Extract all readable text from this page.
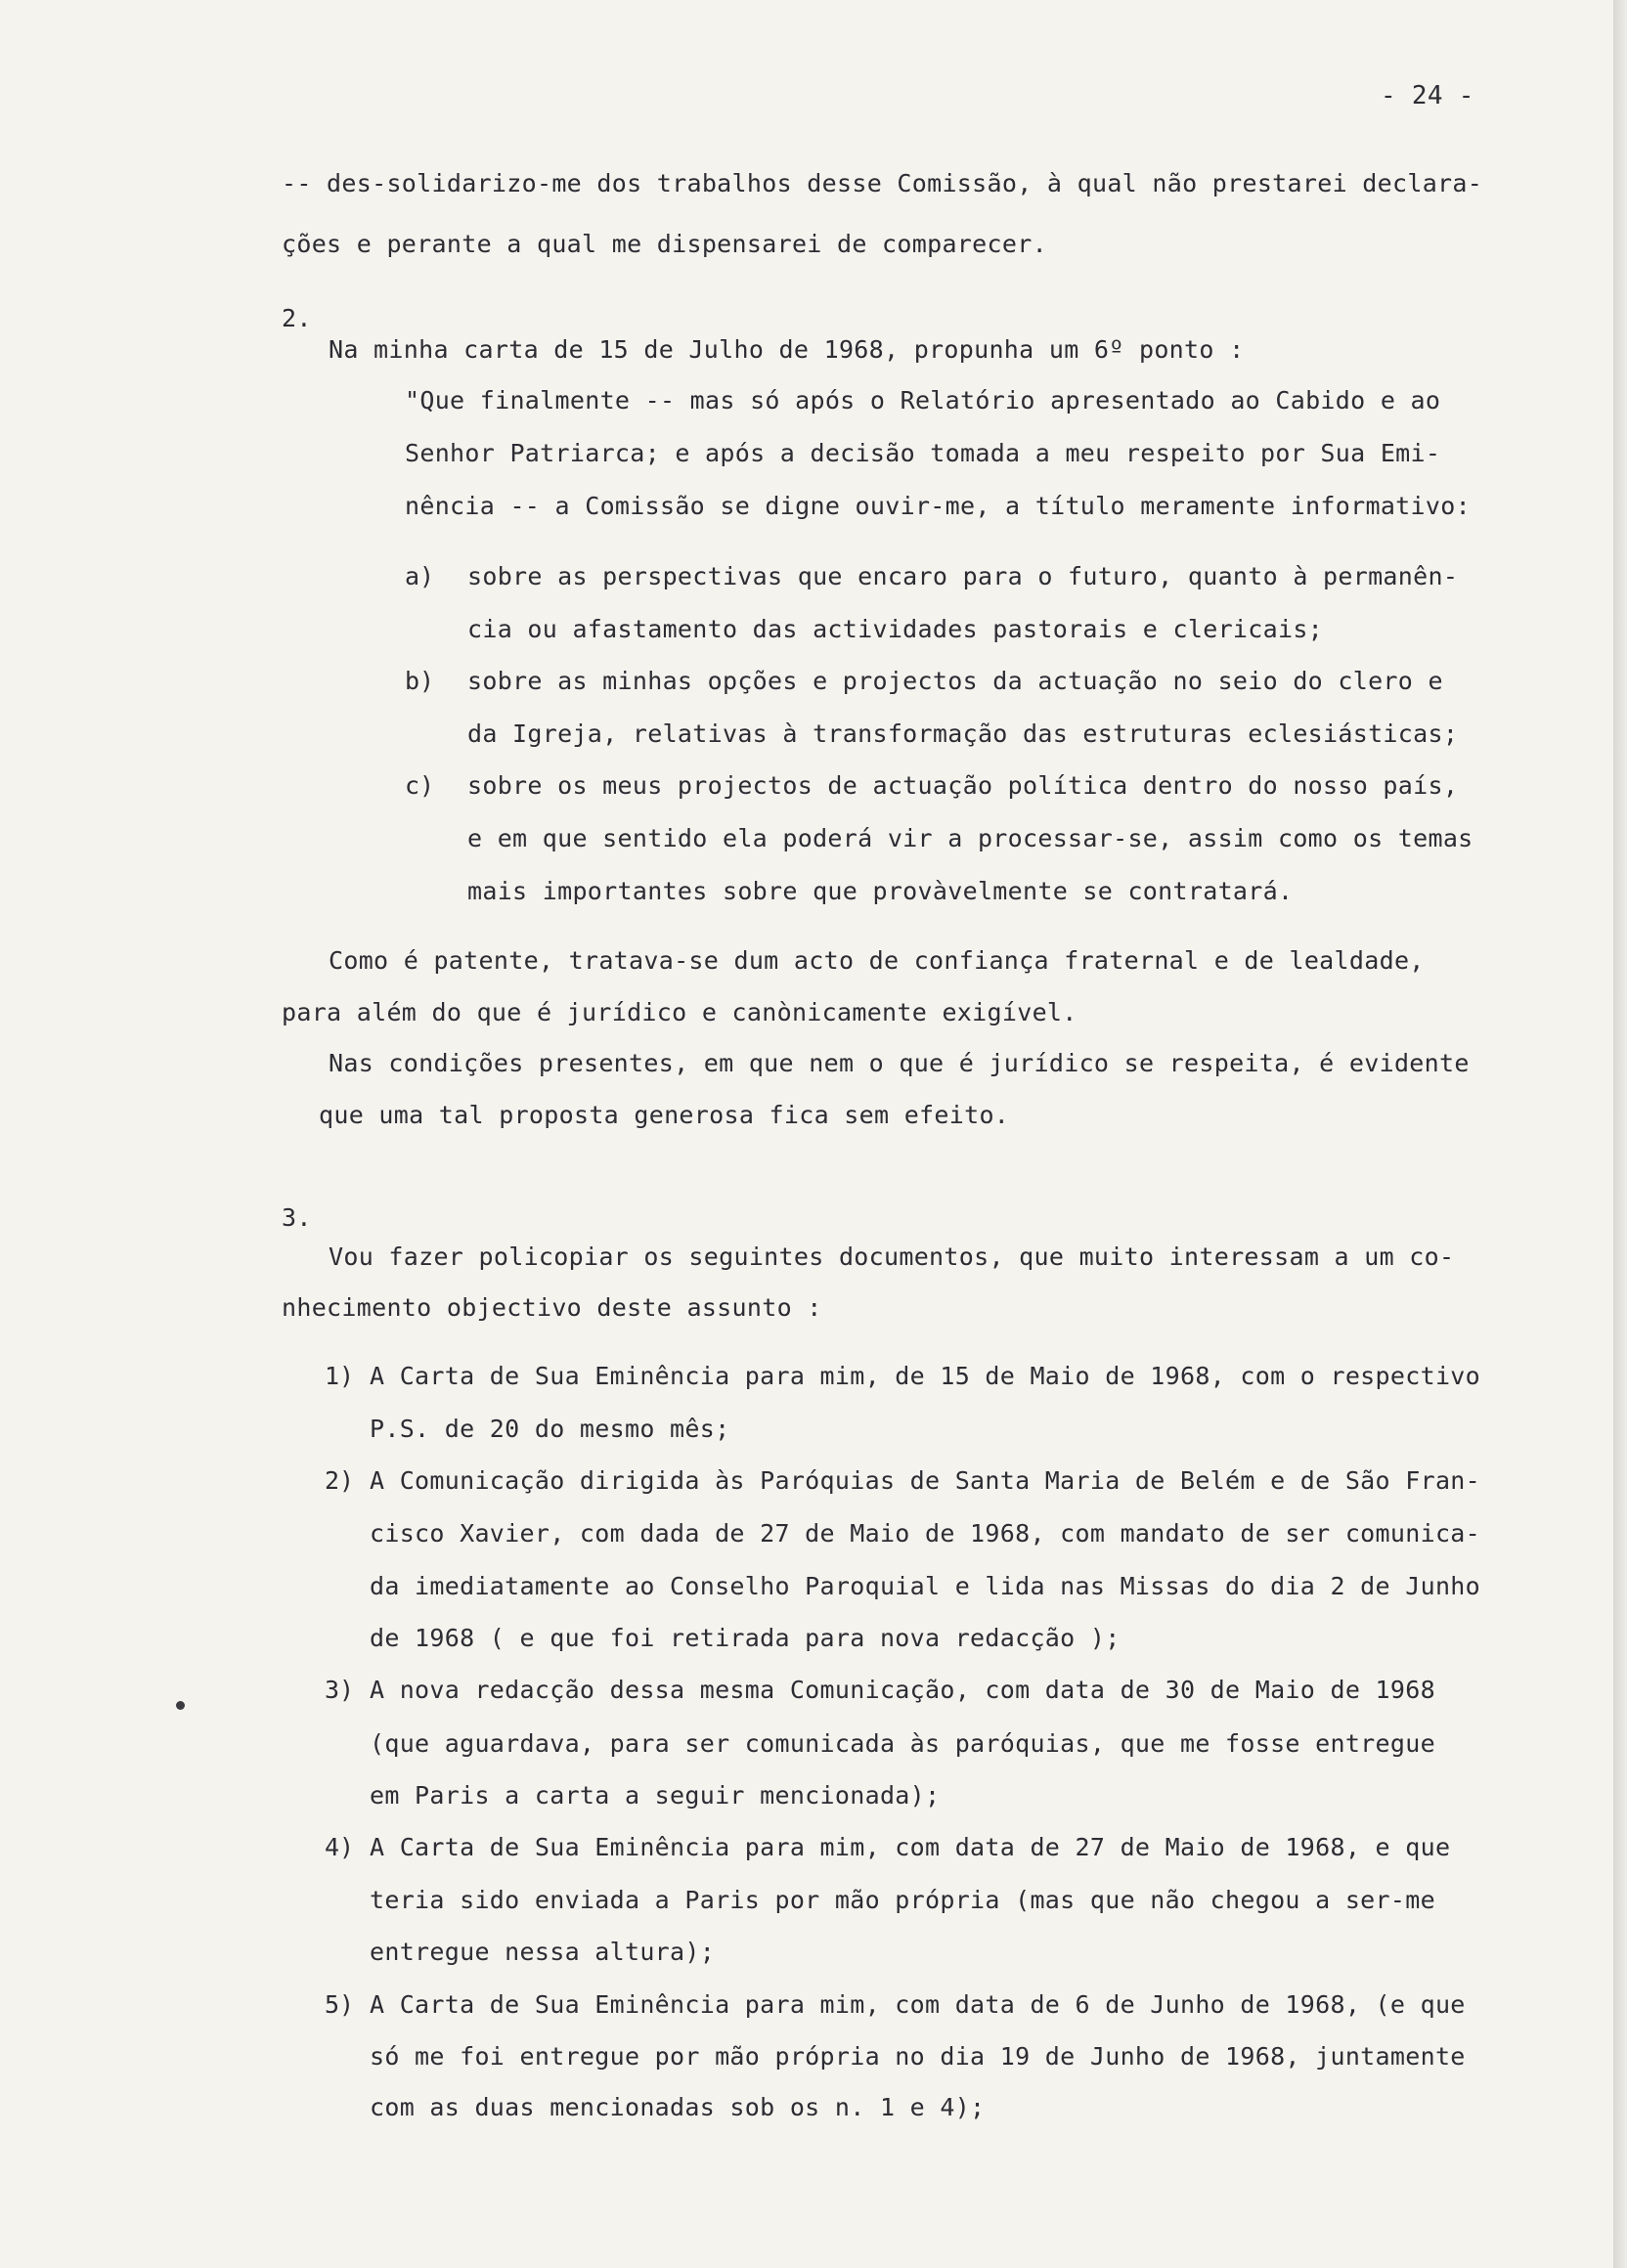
- 24 -
-- des-solidarizo-me dos trabalhos desse Comissão, à qual não prestarei declara-
ções e perante a qual me dispensarei de comparecer.
2.
Na minha carta de 15 de Julho de 1968, propunha um 6º ponto :
"Que finalmente -- mas só após o Relatório apresentado ao Cabido e ao
Senhor Patriarca; e após a decisão tomada a meu respeito por Sua Emi-
nência -- a Comissão se digne ouvir-me, a título meramente informativo:
a) sobre as perspectivas que encaro para o futuro, quanto à permanên-
cia ou afastamento das actividades pastorais e clericais;
b) sobre as minhas opções e projectos da actuação no seio do clero e
da Igreja, relativas à transformação das estruturas eclesiásticas;
c) sobre os meus projectos de actuação política dentro do nosso país,
e em que sentido ela poderá vir a processar-se, assim como os temas
mais importantes sobre que provàvelmente se contratará.
Como é patente, tratava-se dum acto de confiança fraternal e de lealdade,
para além do que é jurídico e canònicamente exigível.
Nas condições presentes, em que nem o que é jurídico se respeita, é evidente
que uma tal proposta generosa fica sem efeito.
3.
Vou fazer policopiar os seguintes documentos, que muito interessam a um co-
nhecimento objectivo deste assunto :
1) A Carta de Sua Eminência para mim, de 15 de Maio de 1968, com o respectivo
P.S. de 20 do mesmo mês;
2) A Comunicação dirigida às Paróquias de Santa Maria de Belém e de São Fran-
cisco Xavier, com dada de 27 de Maio de 1968, com mandato de ser comunica-
da imediatamente ao Conselho Paroquial e lida nas Missas do dia 2 de Junho
de 1968 ( e que foi retirada para nova redacção );
3) A nova redacção dessa mesma Comunicação, com data de 30 de Maio de 1968
(que aguardava, para ser comunicada às paróquias, que me fosse entregue
em Paris a carta a seguir mencionada);
4) A Carta de Sua Eminência para mim, com data de 27 de Maio de 1968, e que
teria sido enviada a Paris por mão própria (mas que não chegou a ser-me
entregue nessa altura);
5) A Carta de Sua Eminência para mim, com data de 6 de Junho de 1968, (e que
só me foi entregue por mão própria no dia 19 de Junho de 1968, juntamente
com as duas mencionadas sob os n. 1 e 4);
